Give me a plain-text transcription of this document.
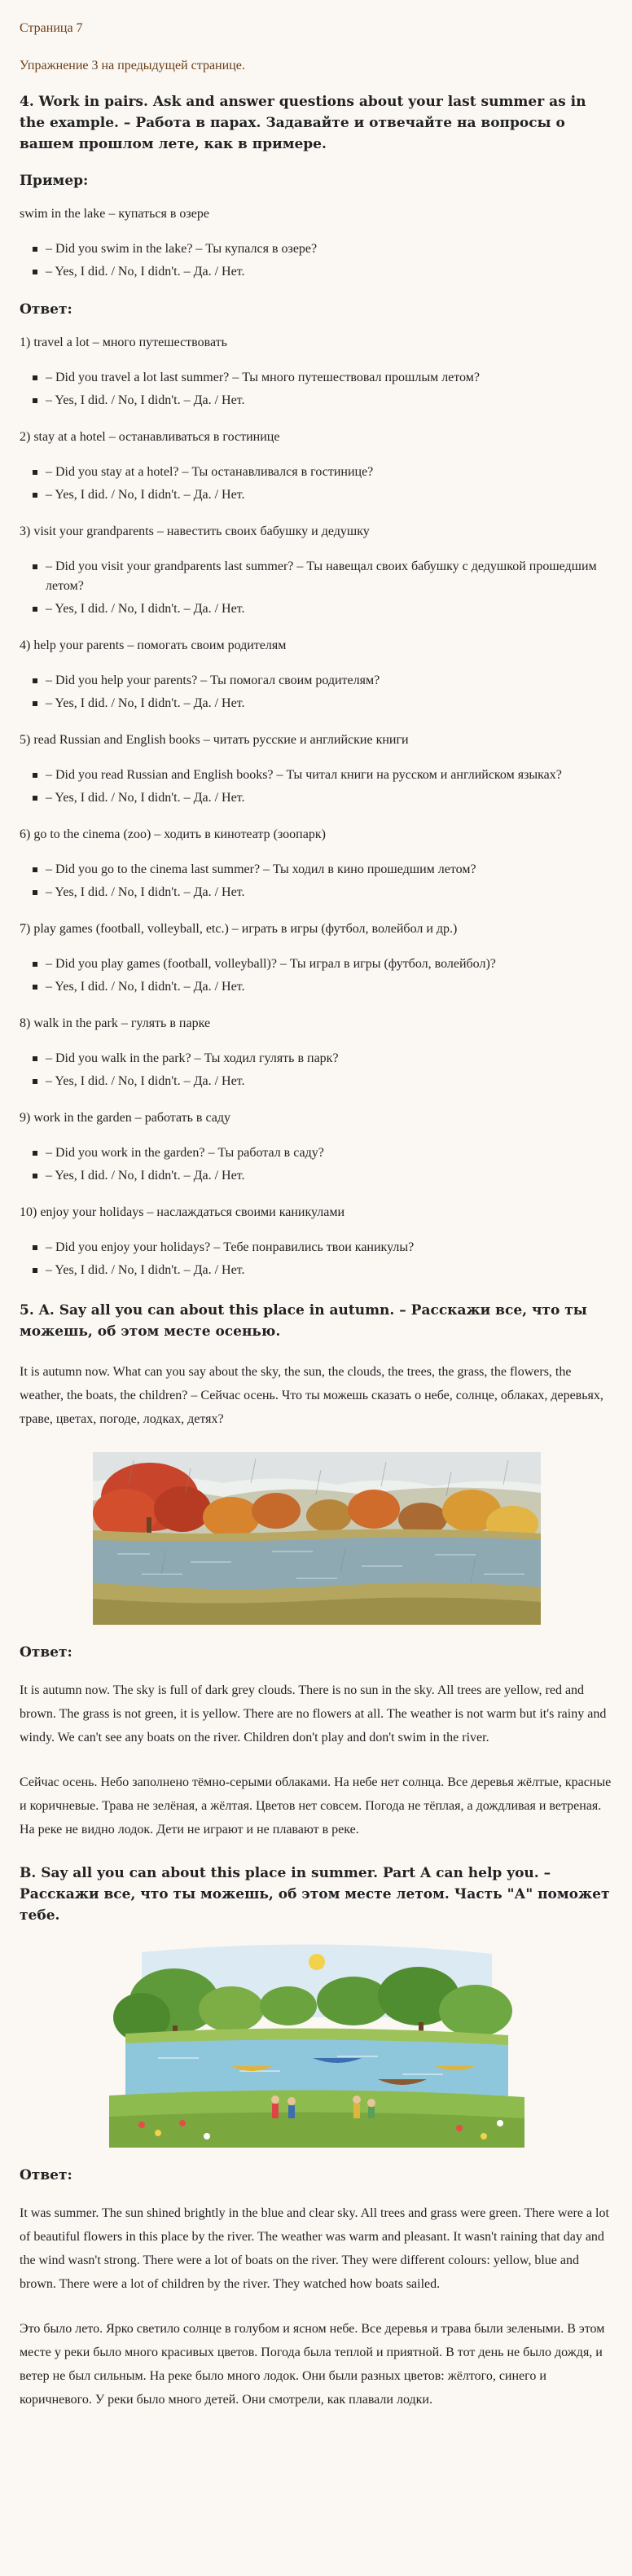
Страница 7

Упражнение 3 на предыдущей странице.

4. Work in pairs. Ask and answer questions about your last summer as in the example. – Работа в парах. Задавайте и отвечайте на вопросы о вашем прошлом лете, как в примере.

Пример:

swim in the lake – купаться в озере

– Did you swim in the lake? – Ты купался в озере?
– Yes, I did. / No, I didn't. – Да. / Нет.

Ответ:

1) travel a lot – много путешествовать

– Did you travel a lot last summer? – Ты много путешествовал прошлым летом?
– Yes, I did. / No, I didn't. – Да. / Нет.

2) stay at a hotel – останавливаться в гостинице

– Did you stay at a hotel? – Ты останавливался в гостинице?
– Yes, I did. / No, I didn't. – Да. / Нет.

3) visit your grandparents – навестить своих бабушку и дедушку

– Did you visit your grandparents last summer? – Ты навещал своих бабушку с дедушкой прошедшим летом?
– Yes, I did. / No, I didn't. – Да. / Нет.

4) help your parents – помогать своим родителям

– Did you help your parents? – Ты помогал своим родителям?
– Yes, I did. / No, I didn't. – Да. / Нет.

5) read Russian and English books – читать русские и английские книги

– Did you read Russian and English books? – Ты читал книги на русском и английском языках?
– Yes, I did. / No, I didn't. – Да. / Нет.

6) go to the cinema (zoo) – ходить в кинотеатр (зоопарк)

– Did you go to the cinema last summer? – Ты ходил в кино прошедшим летом?
– Yes, I did. / No, I didn't. – Да. / Нет.

7) play games (football, volleyball, etc.) – играть в игры (футбол, волейбол и др.)

– Did you play games (football, volleyball)? – Ты играл в игры (футбол, волейбол)?
– Yes, I did. / No, I didn't. – Да. / Нет.

8) walk in the park – гулять в парке

– Did you walk in the park? – Ты ходил гулять в парк?
– Yes, I did. / No, I didn't. – Да. / Нет.

9) work in the garden – работать в саду

– Did you work in the garden? – Ты работал в саду?
– Yes, I did. / No, I didn't. – Да. / Нет.

10) enjoy your holidays – наслаждаться своими каникулами

– Did you enjoy your holidays? – Тебе понравились твои каникулы?
– Yes, I did. / No, I didn't. – Да. / Нет.

5. A. Say all you can about this place in autumn. – Расскажи все, что ты можешь, об этом месте осенью.

It is autumn now. What can you say about the sky, the sun, the clouds, the trees, the grass, the flowers, the weather, the boats, the children? – Сейчас осень. Что ты можешь сказать о небе, солнце, облаках, деревьях, траве, цветах, погоде, лодках, детях?

Ответ:

It is autumn now. The sky is full of dark grey clouds. There is no sun in the sky. All trees are yellow, red and brown. The grass is not green, it is yellow. There are no flowers at all. The weather is not warm but it's rainy and windy. We can't see any boats on the river. Children don't play and don't swim in the river.

Сейчас осень. Небо заполнено тёмно-серыми облаками. На небе нет солнца. Все деревья жёлтые, красные и коричневые. Трава не зелёная, а жёлтая. Цветов нет совсем. Погода не тёплая, а дождливая и ветреная. На реке не видно лодок. Дети не играют и не плавают в реке.

B. Say all you can about this place in summer. Part A can help you. – Расскажи все, что ты можешь, об этом месте летом. Часть "А" поможет тебе.

Ответ:

It was summer. The sun shined brightly in the blue and clear sky. All trees and grass were green. There were a lot of beautiful flowers in this place by the river. The weather was warm and pleasant. It wasn't raining that day and the wind wasn't strong. There were a lot of boats on the river. They were different colours: yellow, blue and brown. There were a lot of children by the river. They watched how boats sailed.

Это было лето. Ярко светило солнце в голубом и ясном небе. Все деревья и трава были зелеными. В этом месте у реки было много красивых цветов. Погода была теплой и приятной. В тот день не было дождя, и ветер не был сильным. На реке было много лодок. Они были разных цветов: жёлтого, синего и коричневого. У реки было много детей. Они смотрели, как плавали лодки.
